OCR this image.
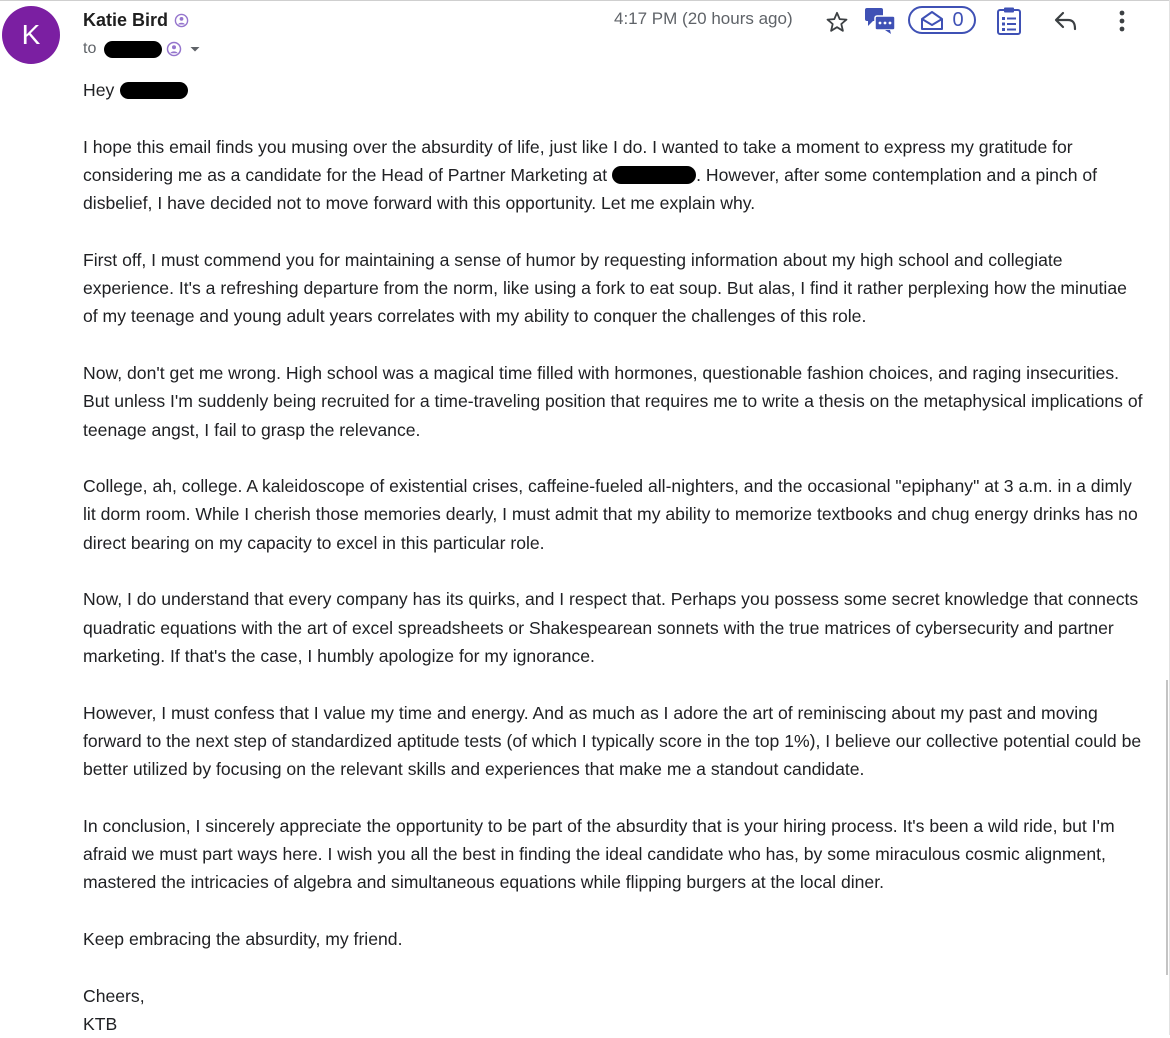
K Katie Bird
to
4:17 PM (20 hours ago)	0

Hey

I hope this email finds you musing over the absurdity of life, just like I do. I wanted to take a moment to express my gratitude for considering me as a candidate for the Head of Partner Marketing at	. However, after some contemplation and a pinch of disbelief, I have decided not to move forward with this opportunity. Let me explain why.

First off, I must commend you for maintaining a sense of humor by requesting information about my high school and collegiate experience. It's a refreshing departure from the norm, like using a fork to eat soup. But alas, I find it rather perplexing how the minutiae of my teenage and young adult years correlates with my ability to conquer the challenges of this role.

Now, don't get me wrong. High school was a magical time filled with hormones, questionable fashion choices, and raging insecurities. But unless I'm suddenly being recruited for a time-traveling position that requires me to write a thesis on the metaphysical implications of teenage angst, I fail to grasp the relevance.

College, ah, college. A kaleidoscope of existential crises, caffeine-fueled all-nighters, and the occasional "epiphany" at 3 a.m. in a dimly lit dorm room. While I cherish those memories dearly, I must admit that my ability to memorize textbooks and chug energy drinks has no direct bearing on my capacity to excel in this particular role.

Now, I do understand that every company has its quirks, and I respect that. Perhaps you possess some secret knowledge that connects quadratic equations with the art of excel spreadsheets or Shakespearean sonnets with the true matrices of cybersecurity and partner marketing. If that's the case, I humbly apologize for my ignorance.

However, I must confess that I value my time and energy. And as much as I adore the art of reminiscing about my past and moving forward to the next step of standardized aptitude tests (of which I typically score in the top 1%), I believe our collective potential could be better utilized by focusing on the relevant skills and experiences that make me a standout candidate.

In conclusion, I sincerely appreciate the opportunity to be part of the absurdity that is your hiring process. It's been a wild ride, but I'm afraid we must part ways here. I wish you all the best in finding the ideal candidate who has, by some miraculous cosmic alignment, mastered the intricacies of algebra and simultaneous equations while flipping burgers at the local diner.

Keep embracing the absurdity, my friend.

Cheers,

KTB
